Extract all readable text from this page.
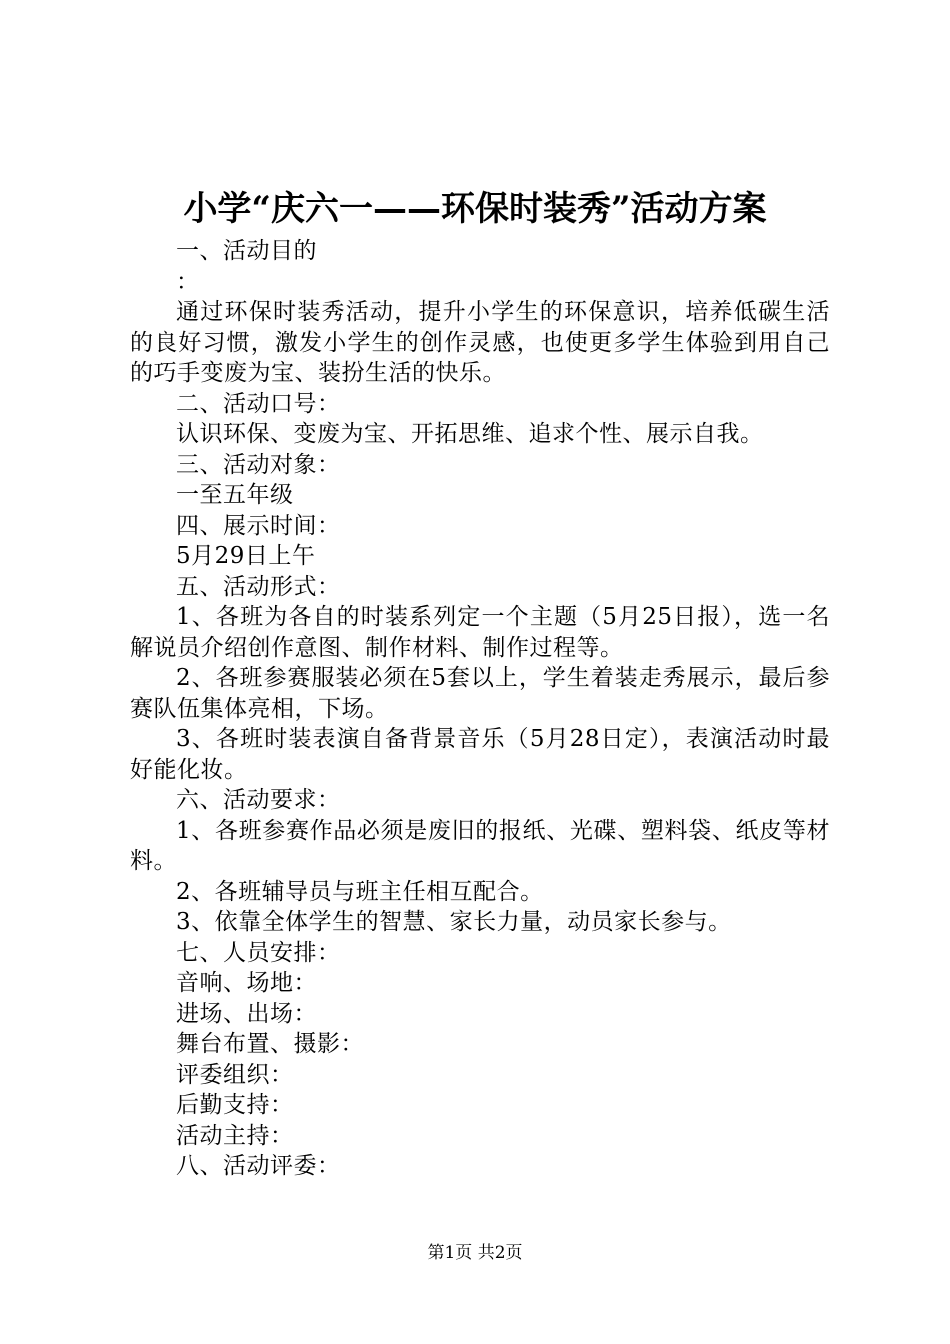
小学“庆六一——环保时装秀”活动方案

一、活动目的

：

通过环保时装秀活动，提升小学生的环保意识，培养低碳生活的良好习惯，激发小学生的创作灵感，也使更多学生体验到用自己的巧手变废为宝、装扮生活的快乐。

二、活动口号：

认识环保、变废为宝、开拓思维、追求个性、展示自我。

三、活动对象：

一至五年级

四、展示时间：

5月29日上午

五、活动形式：

1、各班为各自的时装系列定一个主题（5月25日报），选一名解说员介绍创作意图、制作材料、制作过程等。

2、各班参赛服装必须在5套以上，学生着装走秀展示，最后参赛队伍集体亮相，下场。

3、各班时装表演自备背景音乐（5月28日定），表演活动时最好能化妆。

六、活动要求：

1、各班参赛作品必须是废旧的报纸、光碟、塑料袋、纸皮等材料。

2、各班辅导员与班主任相互配合。

3、依靠全体学生的智慧、家长力量，动员家长参与。

七、人员安排：

音响、场地：

进场、出场：

舞台布置、摄影：

评委组织：

后勤支持：

活动主持：

八、活动评委：

第1页 共2页
